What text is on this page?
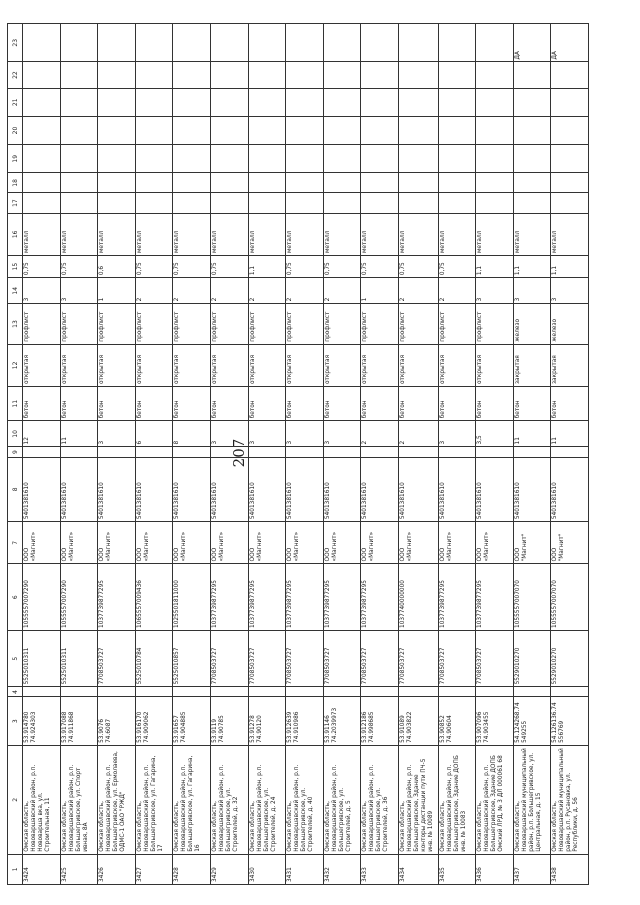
207
1	2	3	4	5	6	7	8	9	10	11	12	13	14	15	16	17	18	19	20	21	22	23
3424	Омская область, Нововаршавский район, р.п. Нововарша вка, ул. Строительная, 11	53.914780 74.924303		5525010311	1055557007290	ООО «Магнит»	5401381610		12	бетон	открытая	профлист	3	0,75	металл							
3425	Омская область, Нововаршавский район, р.п. Большегривское, ул. Спорт ивная, 8А	53.917088 74.911868		5525010311	1055557007290	ООО «Магнит»	5401381610		11	бетон	открытая	профлист	3	0,75	металл							
3426	Омская область, Нововаршавский район, р.п. Большегривское, ул. Ермолаева, ОДМС-1 ОАО "РЖД"	53.9076 74.6087		7708503727	1037739877295	ООО «Магнит»	5401381610		3	бетон	открытая	профлист	1	0,6	металл							
3427	Омская область, Нововаршавский район, р.п. Большегривское, ул. Гагарина, 17	53.916170 74.909062		5525010784	1065557009436	ООО «Магнит»	5401381610		6	бетон	открытая	профлист	2	0,75	металл							
3428	Омская область, Нововаршавский район, р.п. Большегривское, ул. Гагарина, 16	53.91657 74.904885		5525010857	1025501811000	ООО «Магнит»	5401381610		8	бетон	открытая	профлист	2	0,75	металл							
3429	Омская область, Нововаршавский район, р.п. Большегривское, ул. Строителей, д. 32	53.9119 74.90785		7708503727	1037739877295	ООО «Магнит»	5401381610		3	бетон	открытая	профлист	2	0,75	металл							
3430	Омская область, Нововаршавский район, р.п. Большегривское, ул. Строителей, д. 24	53.91278 74.90120		7708503727	1037739877295	ООО «Магнит»	5401381610		3	бетон	открытая	профлист	2	1,1	металл							
3431	Омская область, Нововаршавский район, р.п. Большегривское, ул. Строителей, д. 40	53.912639 74.910986		7708503727	1037739877295	ООО «Магнит»	5401381610		3	бетон	открытая	профлист	2	0,75	металл							
3432	Омская область, Нововаршавский район, р.п. Большегривское, ул. Строителей, д. 5	53.91146 74.2039973		7708503727	1037739877295	ООО «Магнит»	5401381610		3	бетон	открытая	профлист	2	0,75	металл							
3433	Омская область, Нововаршавский район, р.п. Большегривское, ул. Строителей, д. 36	53.912186 74.998685		7708503727	1037739877295	ООО «Магнит»	5401381610		2	бетон	открытая	профлист	1	0,75	металл							
3434	Омская область, Нововаршавский район, р.п. Большегривское, Здание конторы дистанции пути ПЧ-5 инв. № 10089	53.91089 74.903822		7708503727	1037740000000	ООО «Магнит»	5401381610		2	бетон	открытая	профлист	2	0,75	металл							
3435	Омская область, Нововаршавский район, р.п. Большегривское, Здание ДОПБ инв. № 10083	53.90852 74.90604		7708503727	1037739877295	ООО «Магнит»	5401381610		3	бетон	открытая	профлист	2	0,75	металл							
3436	Омская область, Нововаршавский район, р.п. Большегривское, Здание ДОПБ Омский ЛРД, № 3 ДЛ 000061 68	53.907096 74.903455		7708503727	1037739877295	ООО «Магнит»	5401381610		3,5	бетон	открытая	профлист	3	1,1	металл							
3437	Омская область, Нововаршавский муниципальный район, р.п. Большегривское, ул. Центральная, д. 15	54.124268.74 549255		5529010270	1055557007070	ООО "Магнит"	5401381610		11	бетон	закрытая	железо	3	1,1	металл							ДА
3438	Омская область, Нововаршавский муниципальный район, р.п. Русановка, ул. Республики, д. 56	54.126136.74 556769		5529010270	1055557007070	ООО "Магнит"	5401381610		11	бетон	закрытая	железо	3	1,1	металл							ДА
